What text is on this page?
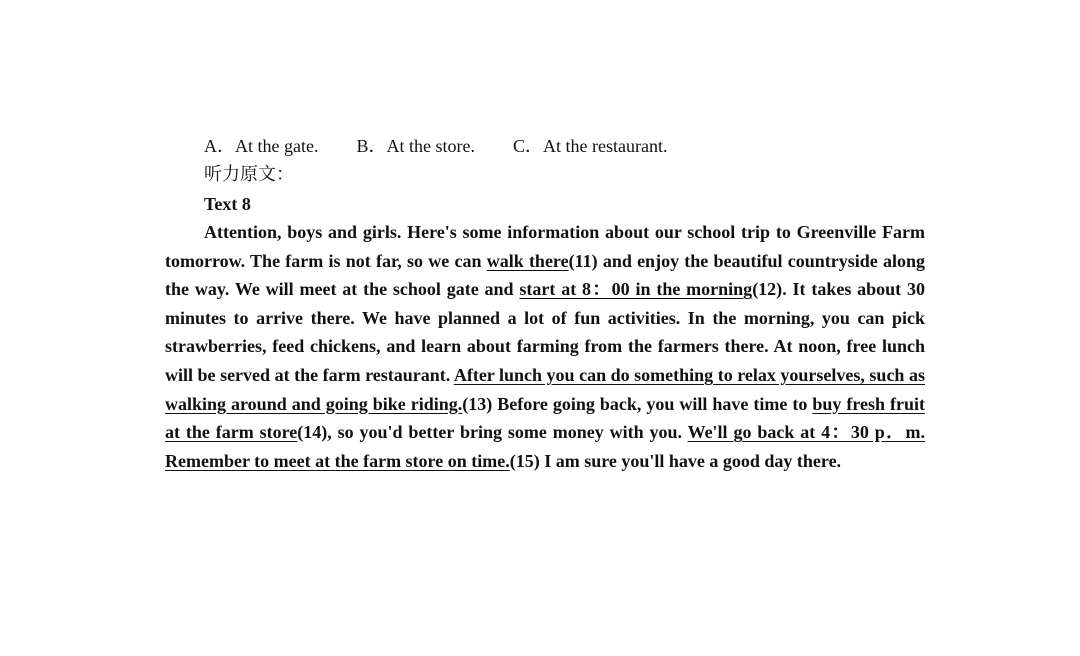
A．At the gate. B．At the store. C．At the restaurant.
听力原文：
Text 8

Attention, boys and girls. Here's some information about our school trip to Greenville Farm tomorrow. The farm is not far, so we can walk there(11) and enjoy the beautiful countryside along the way. We will meet at the school gate and start at 8：00 in the morning(12). It takes about 30 minutes to arrive there. We have planned a lot of fun activities. In the morning, you can pick strawberries, feed chickens, and learn about farming from the farmers there. At noon, free lunch will be served at the farm restaurant. After lunch you can do something to relax yourselves, such as walking around and going bike riding.(13) Before going back, you will have time to buy fresh fruit at the farm store(14), so you'd better bring some money with you. We'll go back at 4：30 p．m. Remember to meet at the farm store on time.(15) I am sure you'll have a good day there.
